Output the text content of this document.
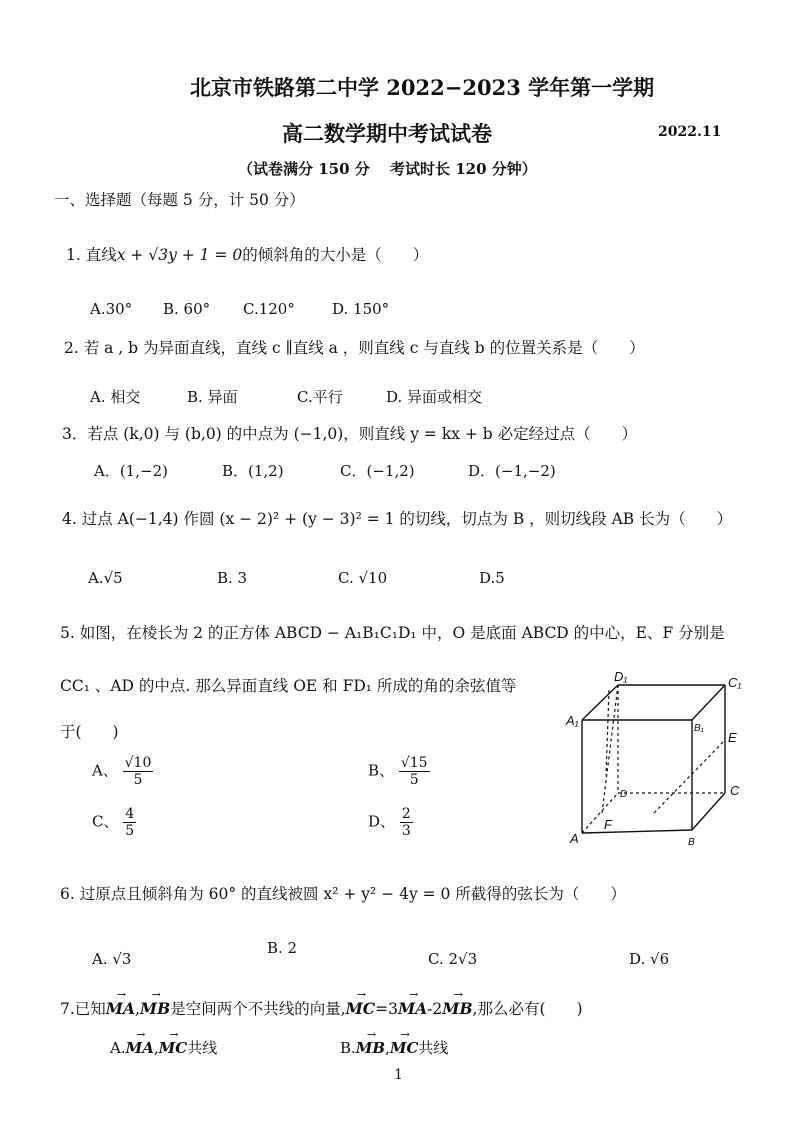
北京市铁路第二中学 2022−2023 学年第一学期
高二数学期中考试试卷	2022.11
（试卷满分 150 分　 考试时长 120 分钟）
一、选择题（每题 5 分，计 50 分）
1. 直线x + √3y + 1 = 0的倾斜角的大小是（　　）
A.30° B. 60° C.120° D. 150°
2. 若 a , b 为异面直线，直线 c ∥直线 a ，则直线 c 与直线 b 的位置关系是（　　）
A. 相交	B. 异面	C.平行	D. 异面或相交
3．若点 (k,0) 与 (b,0) 的中点为 (−1,0)，则直线 y = kx + b 必定经过点（　　）
A．(1,−2)	B．(1,2)	C．(−1,2)	D．(−1,−2)
4. 过点 A(−1,4) 作圆 (x − 2)² + (y − 3)² = 1 的切线，切点为 B ，则切线段 AB 长为（　　）
A.√5	B. 3	C. √10	D.5
5. 如图，在棱长为 2 的正方体 ABCD − A₁B₁C₁D₁ 中，O 是底面 ABCD 的中心，E、F 分别是
CC₁ 、AD 的中点. 那么异面直线 OE 和 FD₁ 所成的角的余弦值等
于(　　)
A、 $\frac{√10}{5}$	B、 $\frac{√15}{5}$
C、 $\frac{4}{5}$	D、 $\frac{2}{3}$
D₁	C₁
A₁
B₁
E
D	C
A
F
B
6. 过原点且倾斜角为 60° 的直线被圆 x² + y² − 4y = 0 所截得的弦长为（　　）
A. √3
B. 2
C. 2√3	D. √6
7.已知→ MA,→ MB是空间两个不共线的向量,→ MC=3→ MA-2→ MB,那么必有(　　)
A.→ MA,→ MC共线	B.→ MB,→ MC共线
1
